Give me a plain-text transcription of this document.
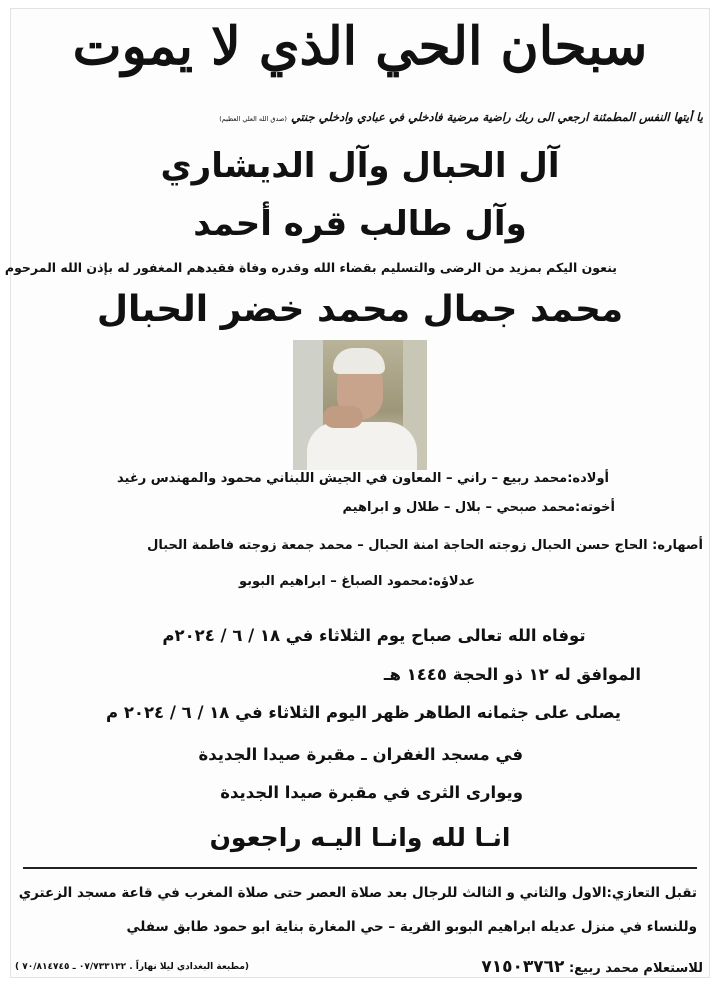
سبحان الحي الذي لا يموت
يا أيتها النفس المطمئنة ارجعي الى ربك راضية مرضية فادخلي في عبادي وادخلي جنتي (صدق الله العلي العظيم)
آل الحبال وآل الديشاري
وآل طالب قره أحمد
ينعون اليكم بمزيد من الرضى والتسليم بقضاء الله وقدره وفاة فقيدهم المغفور له بإذن الله المرحوم
محمد جمال محمد خضر الحبال
أولاده:محمد ربيع – راني – المعاون في الجيش اللبناني محمود والمهندس رغيد
أخوته:محمد صبحي – بلال – طلال و ابراهيم
أصهاره: الحاج حسن الحبال زوجته الحاجة امنة الحبال – محمد جمعة زوجته فاطمة الحبال
عدلاؤه:محمود الصباغ – ابراهيم البوبو
توفاه الله تعالى صباح يوم الثلاثاء في ١٨ / ٦ / ٢٠٢٤م
الموافق له ١٢ ذو الحجة ١٤٤٥ هـ
يصلى على جثمانه الطاهر ظهر اليوم الثلاثاء في ١٨ / ٦ / ٢٠٢٤ م
في مسجد الغفران ـ مقبرة صيدا الجديدة
ويوارى الثرى في مقبرة صيدا الجديدة
انـا لله وانـا اليـه راجعون
تقبل التعازي:الاول والثاني و الثالث للرجال بعد صلاة العصر حتى صلاة المغرب في قاعة مسجد الزعتري
وللنساء في منزل عديله ابراهيم البوبو القرية – حي المغارة بناية ابو حمود طابق سفلي
للاستعلام محمد ربيع: ٧١٥٠٣٧٦٢
(مطبعة البغدادي ليلا نهاراً . ٠٧/٧٣٣١٣٢ ـ ٧٠/٨١٤٧٤٥ )
